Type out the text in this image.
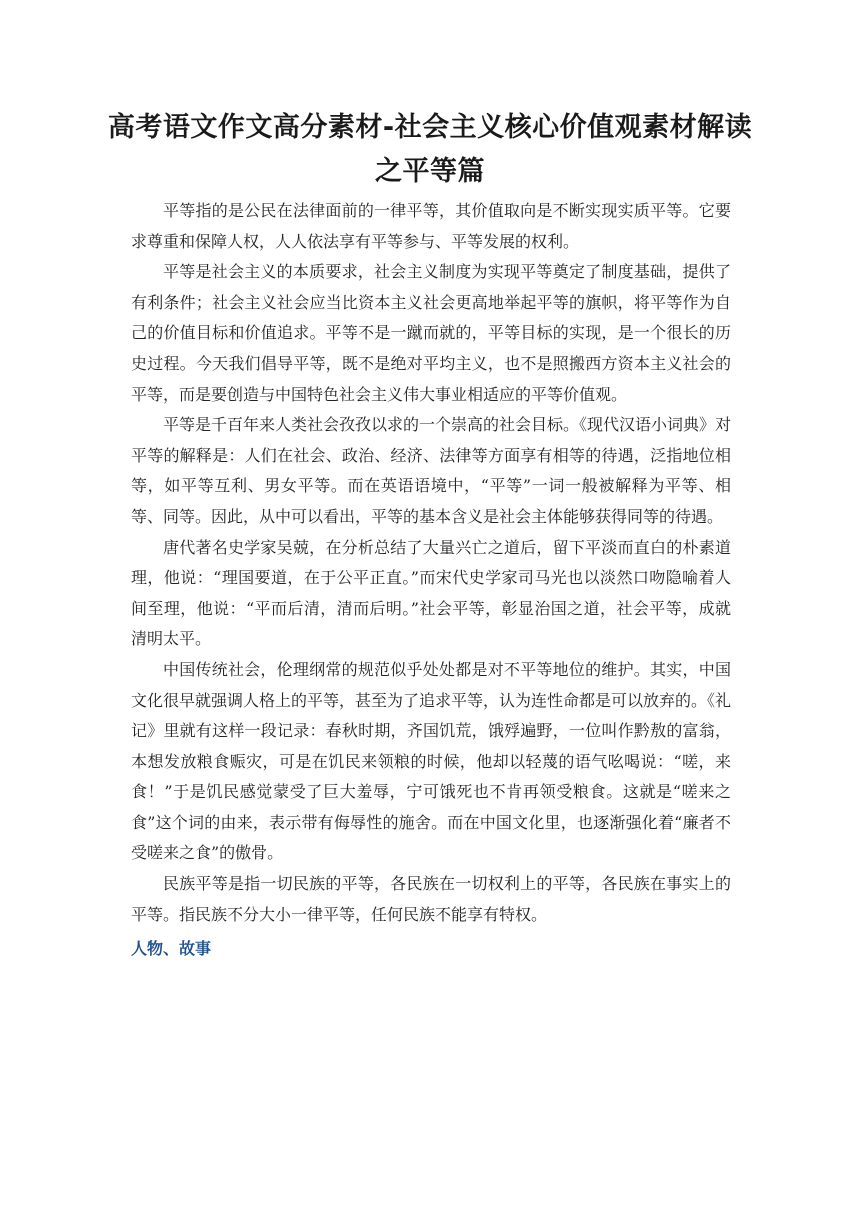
高考语文作文高分素材-社会主义核心价值观素材解读之平等篇

平等指的是公民在法律面前的一律平等，其价值取向是不断实现实质平等。它要求尊重和保障人权，人人依法享有平等参与、平等发展的权利。

平等是社会主义的本质要求，社会主义制度为实现平等奠定了制度基础，提供了有利条件；社会主义社会应当比资本主义社会更高地举起平等的旗帜，将平等作为自己的价值目标和价值追求。平等不是一蹴而就的，平等目标的实现，是一个很长的历史过程。今天我们倡导平等，既不是绝对平均主义，也不是照搬西方资本主义社会的平等，而是要创造与中国特色社会主义伟大事业相适应的平等价值观。

平等是千百年来人类社会孜孜以求的一个崇高的社会目标。《现代汉语小词典》对平等的解释是：人们在社会、政治、经济、法律等方面享有相等的待遇，泛指地位相等，如平等互利、男女平等。而在英语语境中，“平等”一词一般被解释为平等、相等、同等。因此，从中可以看出，平等的基本含义是社会主体能够获得同等的待遇。

唐代著名史学家吴兢，在分析总结了大量兴亡之道后，留下平淡而直白的朴素道理，他说：“理国要道，在于公平正直。”而宋代史学家司马光也以淡然口吻隐喻着人间至理，他说：“平而后清，清而后明。”社会平等，彰显治国之道，社会平等，成就清明太平。

中国传统社会，伦理纲常的规范似乎处处都是对不平等地位的维护。其实，中国文化很早就强调人格上的平等，甚至为了追求平等，认为连性命都是可以放弃的。《礼记》里就有这样一段记录：春秋时期，齐国饥荒，饿殍遍野，一位叫作黔敖的富翁，本想发放粮食赈灾，可是在饥民来领粮的时候，他却以轻蔑的语气吆喝说：“嗟，来食！”于是饥民感觉蒙受了巨大羞辱，宁可饿死也不肯再领受粮食。这就是“嗟来之食”这个词的由来，表示带有侮辱性的施舍。而在中国文化里，也逐渐强化着“廉者不受嗟来之食”的傲骨。

民族平等是指一切民族的平等，各民族在一切权利上的平等，各民族在事实上的平等。指民族不分大小一律平等，任何民族不能享有特权。

人物、故事
